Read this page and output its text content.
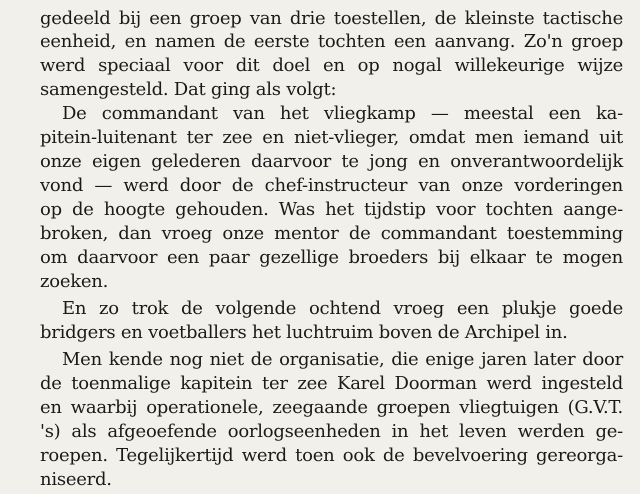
gedeeld bij een groep van drie toestellen, de kleinste tactische
eenheid, en namen de eerste tochten een aanvang. Zo'n groep
werd speciaal voor dit doel en op nogal willekeurige wijze
samengesteld. Dat ging als volgt:
De commandant van het vliegkamp — meestal een ka-
pitein-luitenant ter zee en niet-vlieger, omdat men iemand uit
onze eigen gelederen daarvoor te jong en onverantwoordelijk
vond — werd door de chef-instructeur van onze vorderingen
op de hoogte gehouden. Was het tijdstip voor tochten aange-
broken, dan vroeg onze mentor de commandant toestemming
om daarvoor een paar gezellige broeders bij elkaar te mogen
zoeken.
En zo trok de volgende ochtend vroeg een plukje goede
bridgers en voetballers het luchtruim boven de Archipel in.
Men kende nog niet de organisatie, die enige jaren later door
de toenmalige kapitein ter zee Karel Doorman werd ingesteld
en waarbij operationele, zeegaande groepen vliegtuigen (G.V.T.
's) als afgeoefende oorlogseenheden in het leven werden ge-
roepen. Tegelijkertijd werd toen ook de bevelvoering gereorga-
niseerd.
